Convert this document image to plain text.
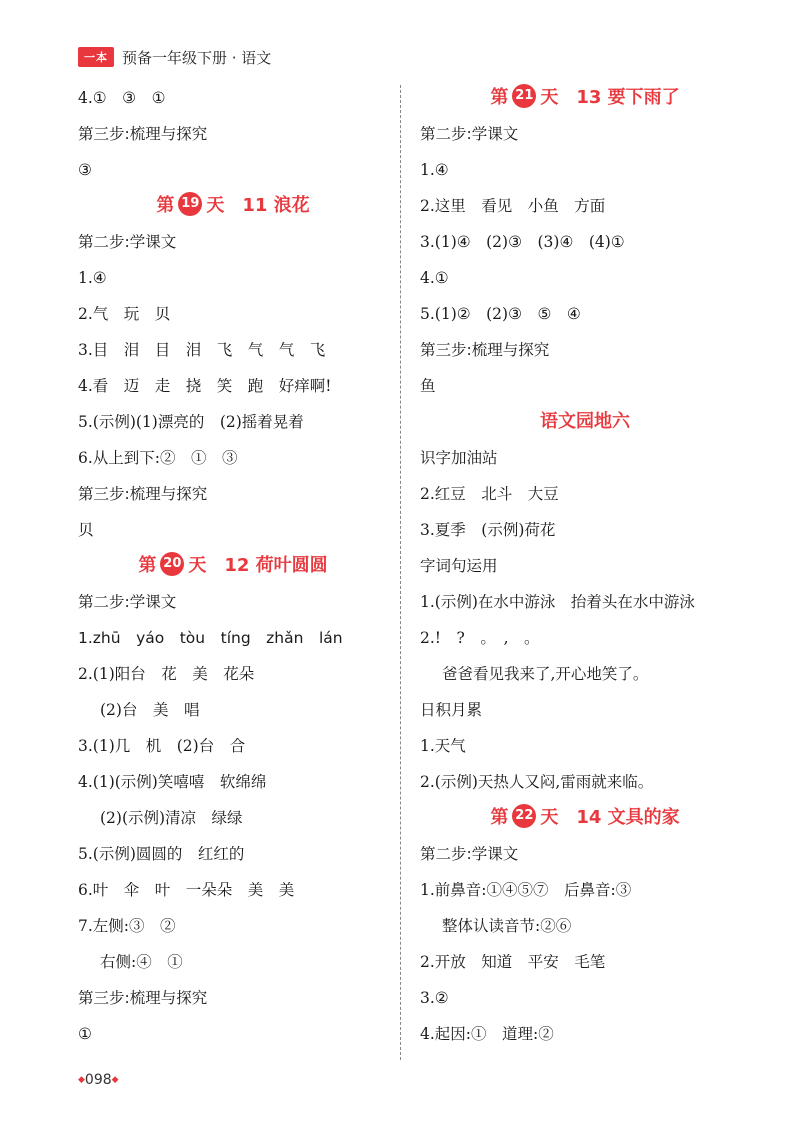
一本 预备一年级下册 · 语文
4.①　③　①
第三步:梳理与探究
③
第 19 天　11 浪花
第二步:学课文
1.④
2.气　玩　贝
3.目　泪　目　泪　飞　气　气　飞
4.看　迈　走　挠　笑　跑　好痒啊!
5.(示例)(1)漂亮的　(2)摇着晃着
6.从上到下:②　①　③
第三步:梳理与探究
贝
第 20 天　12 荷叶圆圆
第二步:学课文
1.zhū　yáo　tòu　tíng　zhǎn　lán
2.(1)阳台　花　美　花朵
(2)台　美　唱
3.(1)几　机　(2)台　合
4.(1)(示例)笑嘻嘻　软绵绵
(2)(示例)清凉　绿绿
5.(示例)圆圆的　红红的
6.叶　伞　叶　一朵朵　美　美
7.左侧:③　②
右侧:④　①
第三步:梳理与探究
①
第 21 天　13 要下雨了
第二步:学课文
1.④
2.这里　看见　小鱼　方面
3.(1)④　(2)③　(3)④　(4)①
4.①
5.(1)②　(2)③　⑤　④
第三步:梳理与探究
鱼
语文园地六
识字加油站
2.红豆　北斗　大豆
3.夏季　(示例)荷花
字词句运用
1.(示例)在水中游泳　抬着头在水中游泳
2.!　?　。　,　。
爸爸看见我来了,开心地笑了。
日积月累
1.天气
2.(示例)天热人又闷,雷雨就来临。
第 22 天　14 文具的家
第二步:学课文
1.前鼻音:①④⑤⑦　后鼻音:③
整体认读音节:②⑥
2.开放　知道　平安　毛笔
3.②
4.起因:①　道理:②
◆098◆
